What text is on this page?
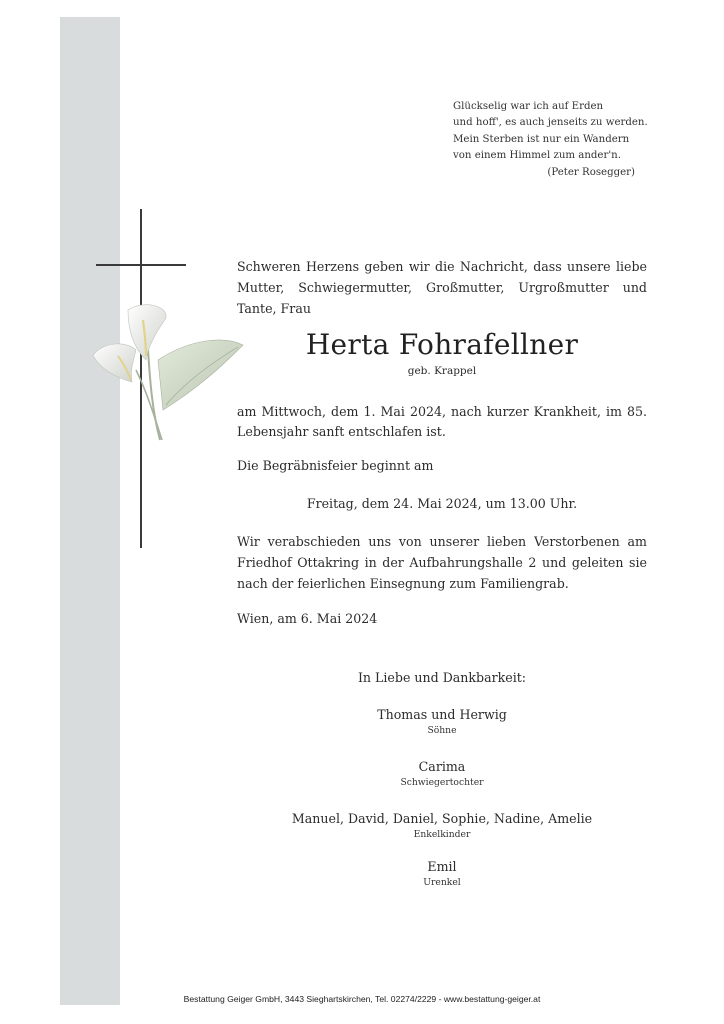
Glückselig war ich auf Erden
und hoff', es auch jenseits zu werden.
Mein Sterben ist nur ein Wandern
von einem Himmel zum ander'n.
(Peter Rosegger)
Schweren Herzens geben wir die Nachricht, dass unsere liebe Mutter, Schwiegermutter, Großmutter, Urgroßmutter und Tante, Frau
Herta Fohrafellner
geb. Krappel
am Mittwoch, dem 1. Mai 2024, nach kurzer Krankheit, im 85. Lebensjahr sanft entschlafen ist.
Die Begräbnisfeier beginnt am
Freitag, dem 24. Mai 2024, um 13.00 Uhr.
Wir verabschieden uns von unserer lieben Verstorbenen am Friedhof Ottakring in der Aufbahrungshalle 2 und geleiten sie nach der feierlichen Einsegnung zum Familiengrab.
Wien, am 6. Mai 2024
In Liebe und Dankbarkeit:
Thomas und Herwig
Söhne
Carima
Schwiegertochter
Manuel, David, Daniel, Sophie, Nadine, Amelie
Enkelkinder
Emil
Urenkel
Bestattung Geiger GmbH, 3443 Sieghartskirchen, Tel. 02274/2229 - www.bestattung-geiger.at
